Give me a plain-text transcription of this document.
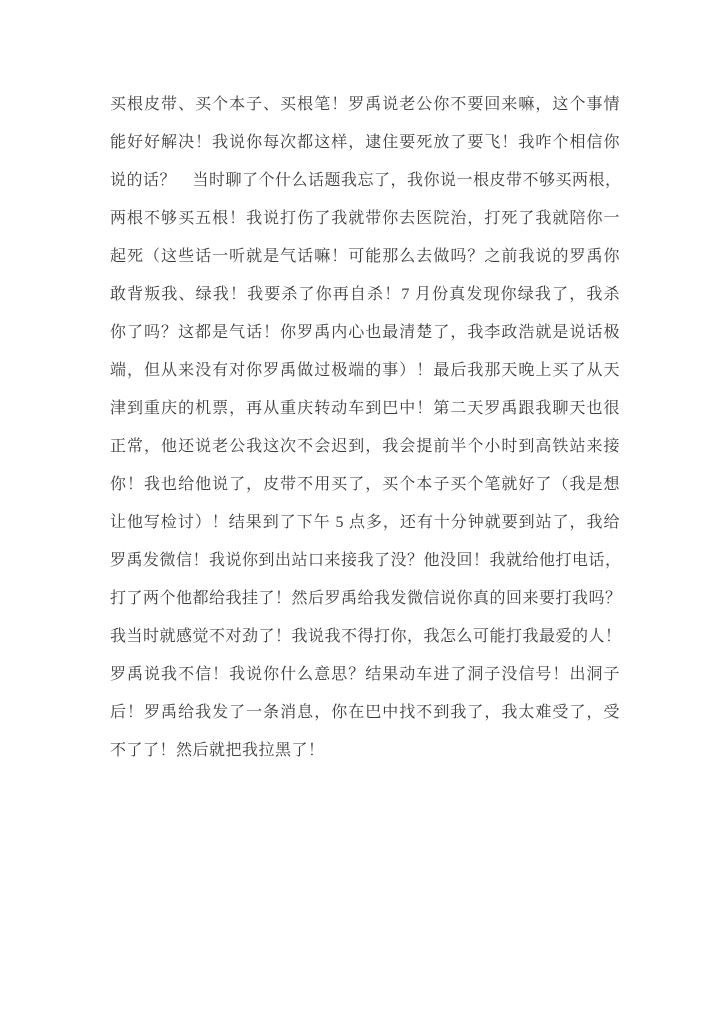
买根皮带、买个本子、买根笔！罗禹说老公你不要回来嘛，这个事情
能好好解决！我说你每次都这样，逮住要死放了要飞！我咋个相信你
说的话？　当时聊了个什么话题我忘了，我你说一根皮带不够买两根，
两根不够买五根！我说打伤了我就带你去医院治，打死了我就陪你一
起死（这些话一听就是气话嘛！可能那么去做吗？之前我说的罗禹你
敢背叛我、绿我！我要杀了你再自杀！7 月份真发现你绿我了，我杀
你了吗？这都是气话！你罗禹内心也最清楚了，我李政浩就是说话极
端，但从来没有对你罗禹做过极端的事）！最后我那天晚上买了从天
津到重庆的机票，再从重庆转动车到巴中！第二天罗禹跟我聊天也很
正常，他还说老公我这次不会迟到，我会提前半个小时到高铁站来接
你！我也给他说了，皮带不用买了，买个本子买个笔就好了（我是想
让他写检讨）！结果到了下午 5 点多，还有十分钟就要到站了，我给
罗禹发微信！我说你到出站口来接我了没？他没回！我就给他打电话，
打了两个他都给我挂了！然后罗禹给我发微信说你真的回来要打我吗？
我当时就感觉不对劲了！我说我不得打你，我怎么可能打我最爱的人！
罗禹说我不信！我说你什么意思？结果动车进了洞子没信号！出洞子
后！罗禹给我发了一条消息，你在巴中找不到我了，我太难受了，受
不了了！然后就把我拉黑了！
